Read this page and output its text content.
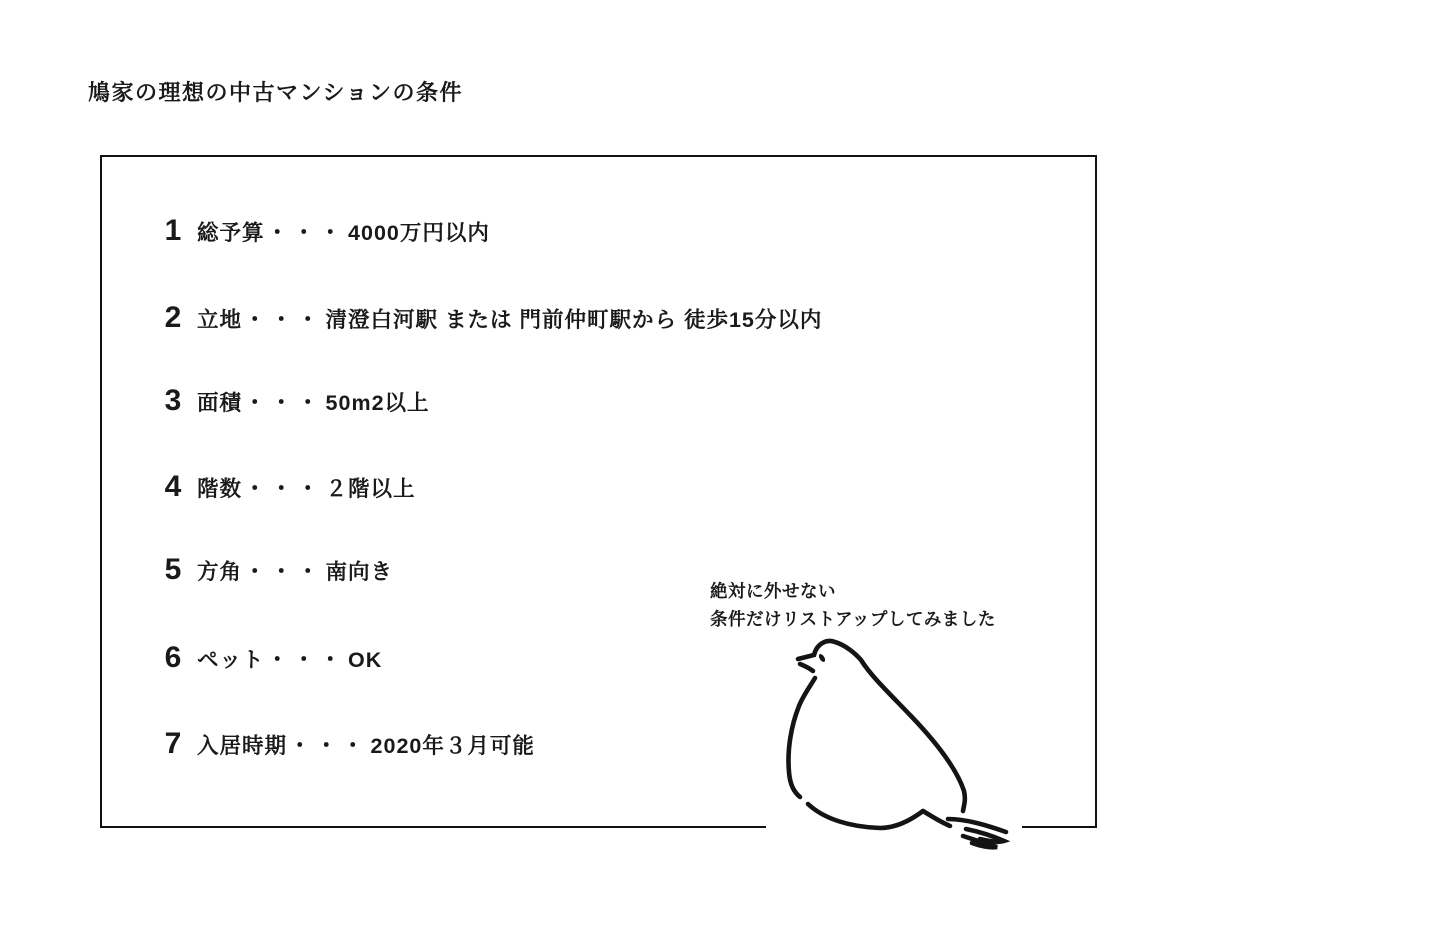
鳩家の理想の中古マンションの条件
1 総予算 ・・・ 4000万円以内
2 立地 ・・・ 清澄白河駅 または 門前仲町駅から 徒歩15分以内
3 面積 ・・・ 50m2以上
4 階数 ・・・ ２階以上
5 方角 ・・・ 南向き
6 ペット ・・・ OK
7 入居時期 ・・・ 2020年３月可能
絶対に外せない
条件だけリストアップしてみました
